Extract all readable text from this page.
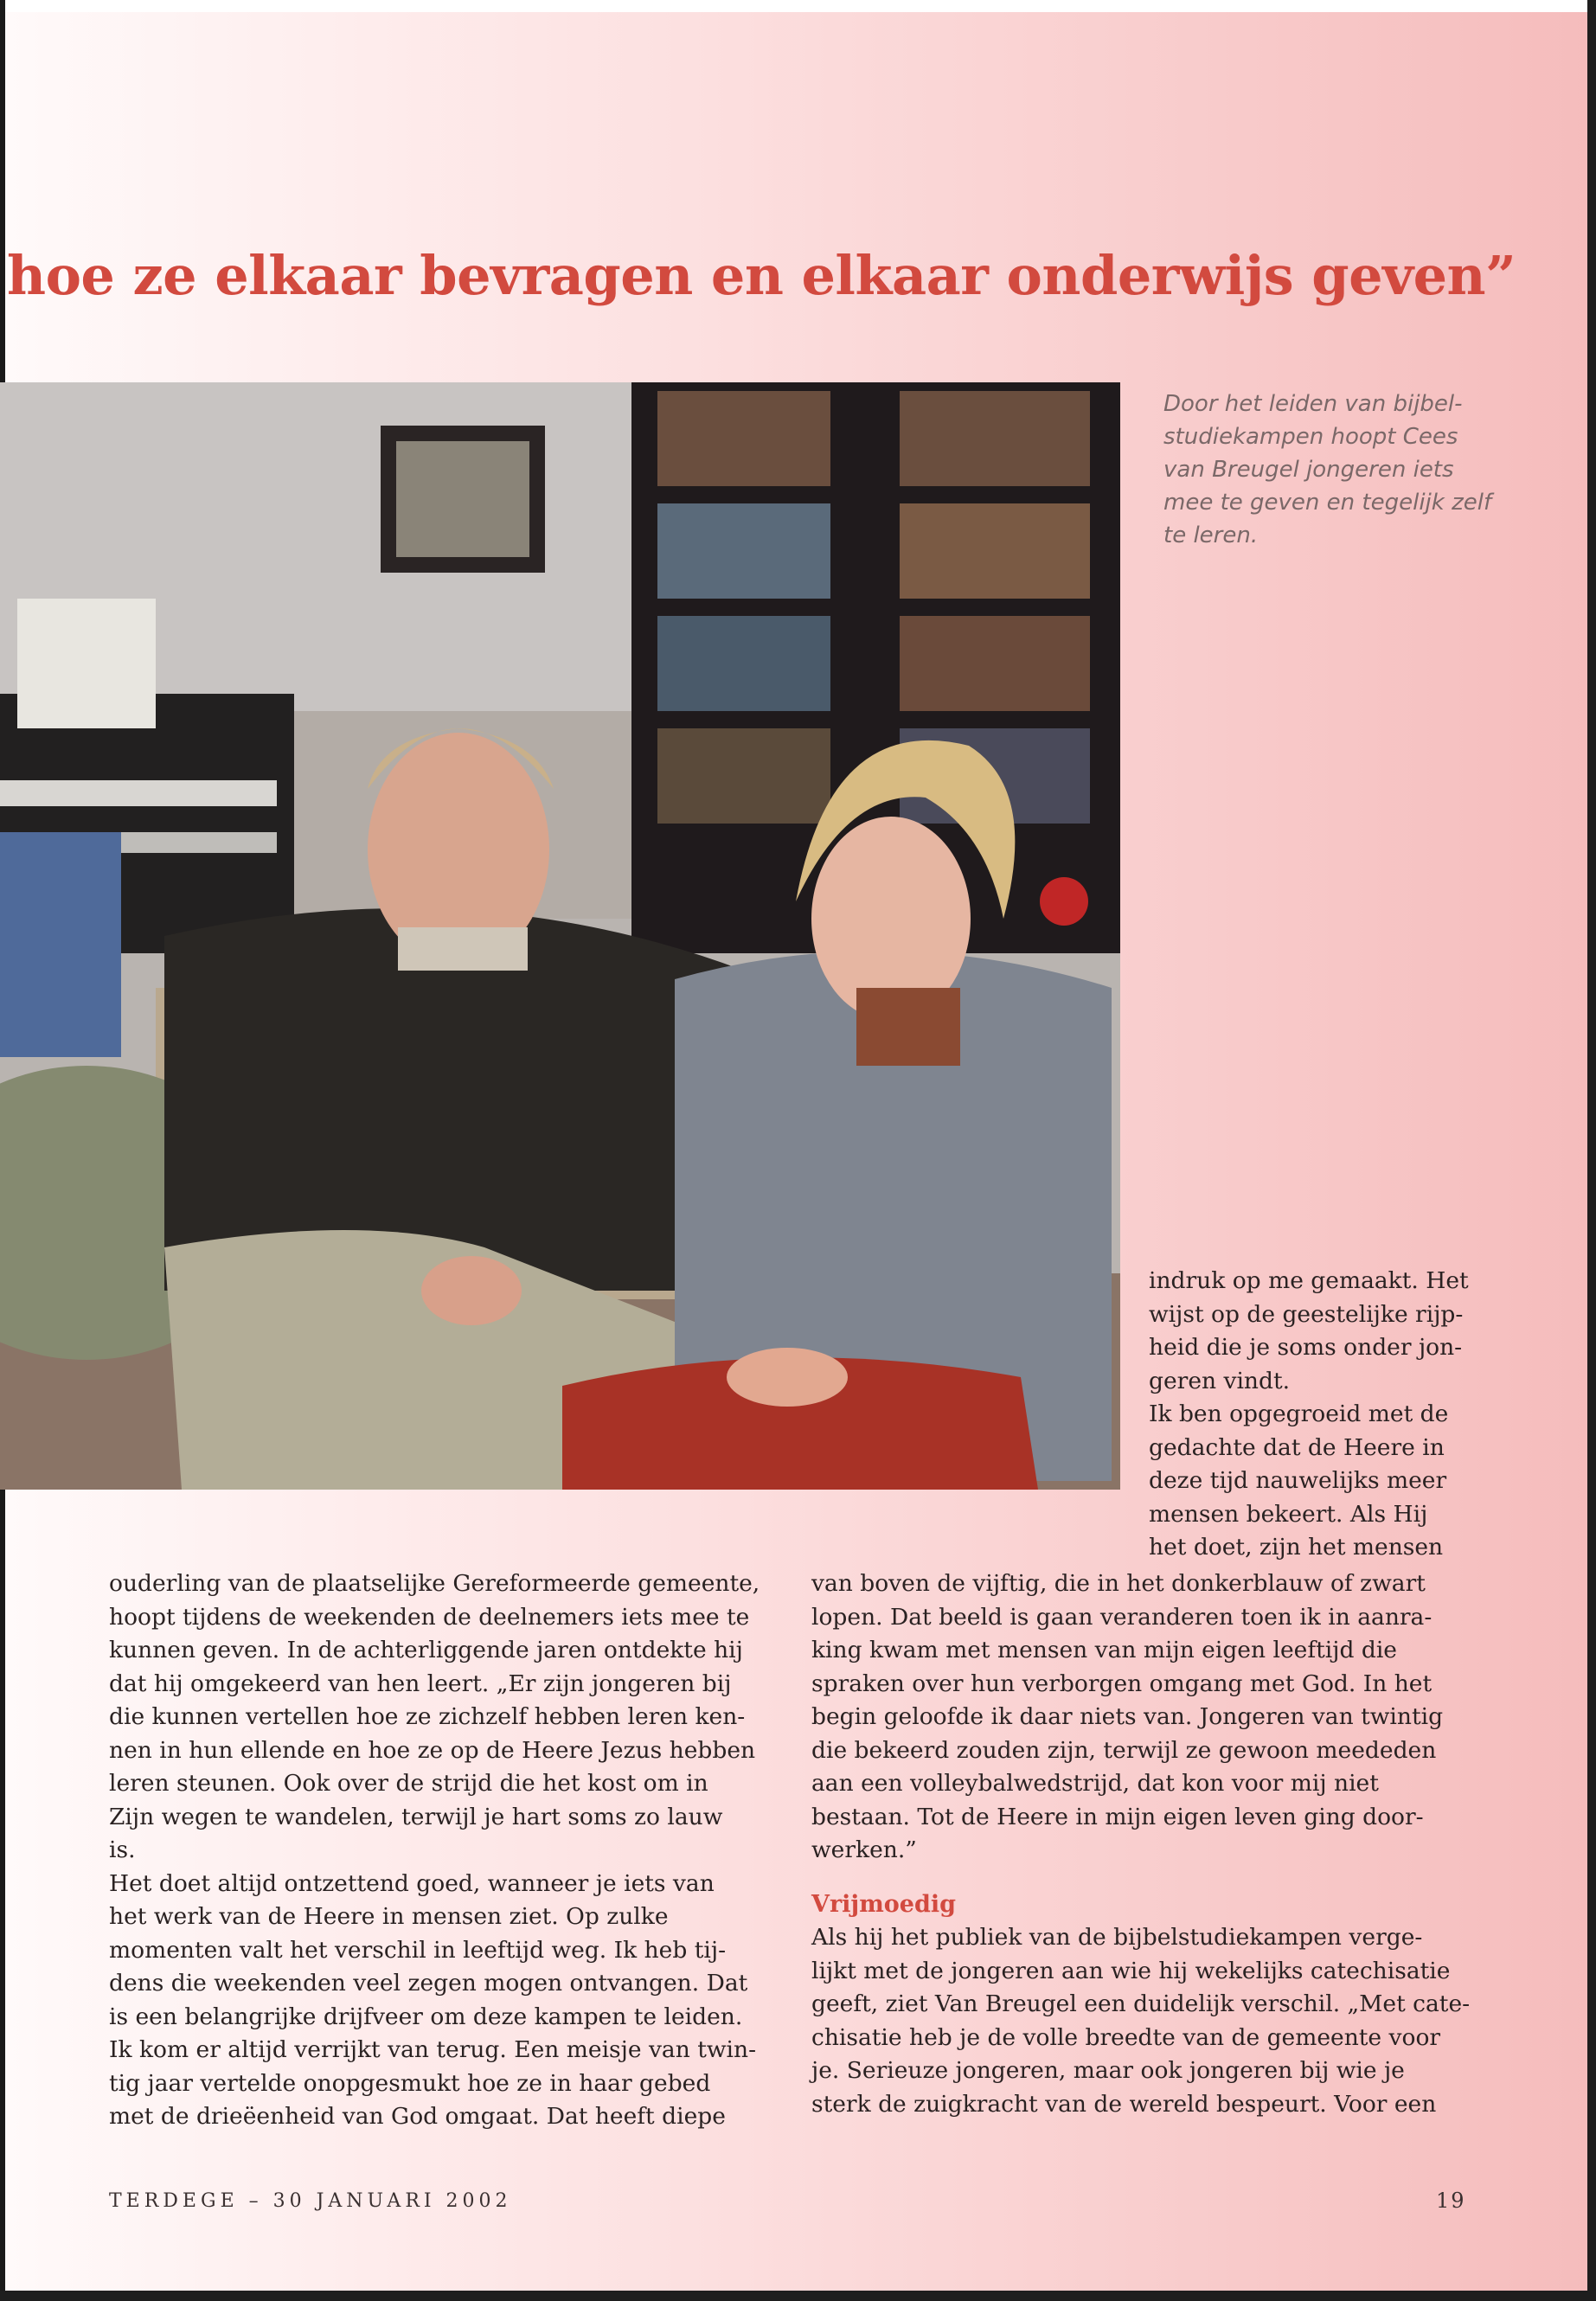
hoe ze elkaar bevragen en elkaar onderwijs geven”

Door het leiden van bijbel-

studiekampen hoopt Cees

van Breugel jongeren iets

mee te geven en tegelijk zelf

te leren.

indruk op me gemaakt. Het

wijst op de geestelijke rijp-

heid die je soms onder jon-

geren vindt.

Ik ben opgegroeid met de

gedachte dat de Heere in

deze tijd nauwelijks meer

mensen bekeert. Als Hij

het doet, zijn het mensen

ouderling van de plaatselijke Gereformeerde gemeente,

hoopt tijdens de weekenden de deelnemers iets mee te

kunnen geven. In de achterliggende jaren ontdekte hij

dat hij omgekeerd van hen leert. „Er zijn jongeren bij

die kunnen vertellen hoe ze zichzelf hebben leren ken-

nen in hun ellende en hoe ze op de Heere Jezus hebben

leren steunen. Ook over de strijd die het kost om in

Zijn wegen te wandelen, terwijl je hart soms zo lauw

is.

Het doet altijd ontzettend goed, wanneer je iets van

het werk van de Heere in mensen ziet. Op zulke

momenten valt het verschil in leeftijd weg. Ik heb tij-

dens die weekenden veel zegen mogen ontvangen. Dat

is een belangrijke drijfveer om deze kampen te leiden.

Ik kom er altijd verrijkt van terug. Een meisje van twin-

tig jaar vertelde onopgesmukt hoe ze in haar gebed

met de drieëenheid van God omgaat. Dat heeft diepe

van boven de vijftig, die in het donkerblauw of zwart

lopen. Dat beeld is gaan veranderen toen ik in aanra-

king kwam met mensen van mijn eigen leeftijd die

spraken over hun verborgen omgang met God. In het

begin geloofde ik daar niets van. Jongeren van twintig

die bekeerd zouden zijn, terwijl ze gewoon meededen

aan een volleybalwedstrijd, dat kon voor mij niet

bestaan. Tot de Heere in mijn eigen leven ging door-

werken.”

Vrijmoedig

Als hij het publiek van de bijbelstudiekampen verge-

lijkt met de jongeren aan wie hij wekelijks catechisatie

geeft, ziet Van Breugel een duidelijk verschil. „Met cate-

chisatie heb je de volle breedte van de gemeente voor

je. Serieuze jongeren, maar ook jongeren bij wie je

sterk de zuigkracht van de wereld bespeurt. Voor een

TERDEGE – 30 JANUARI 2002	19
